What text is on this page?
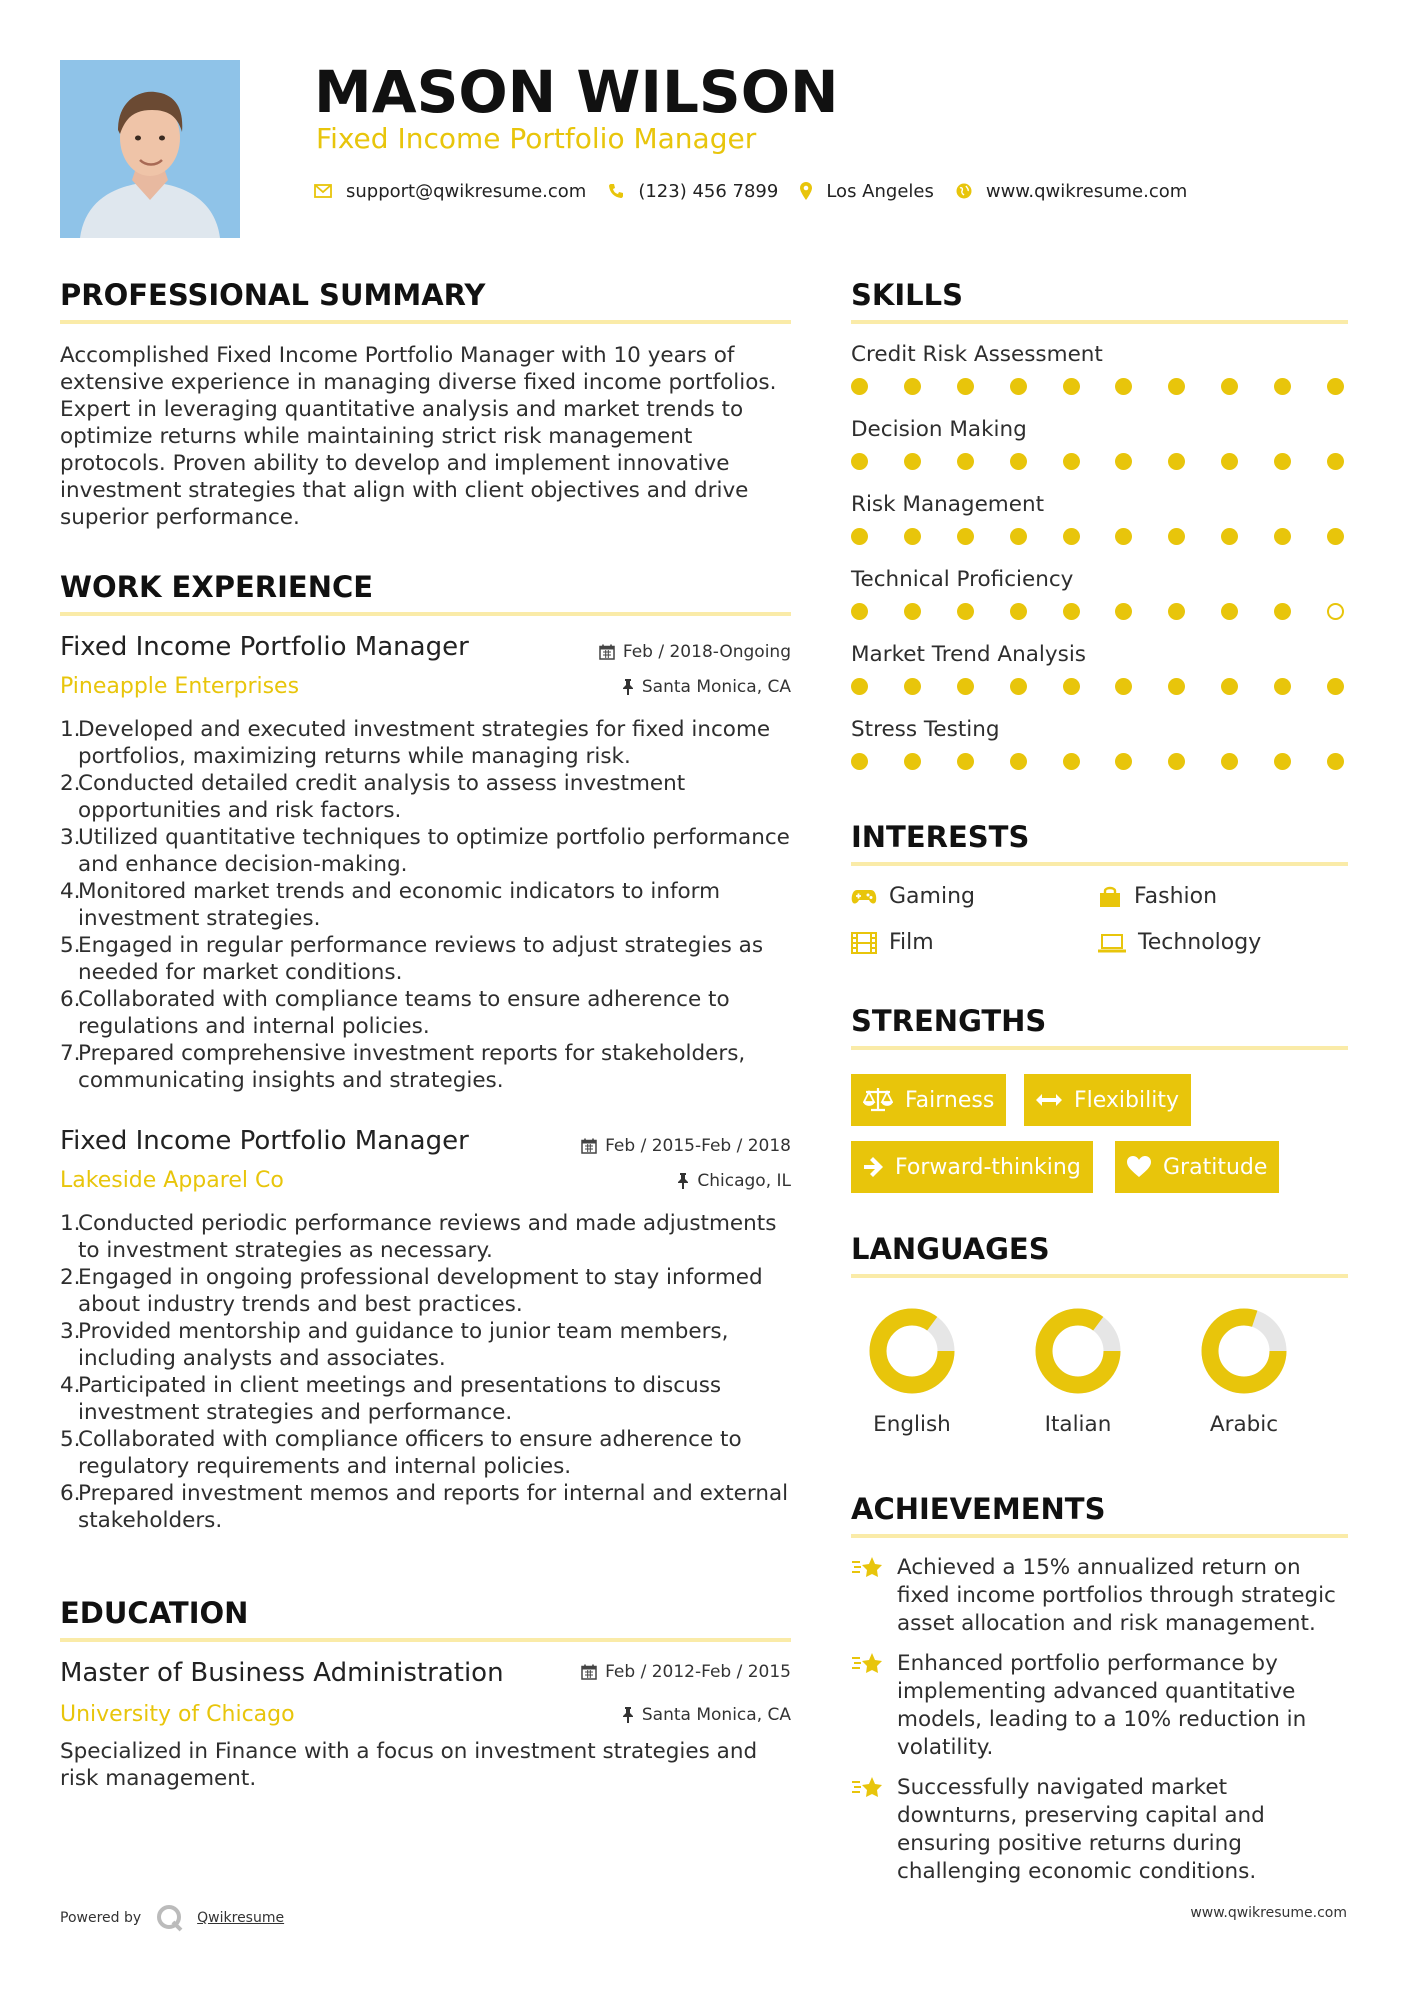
MASON WILSON
Fixed Income Portfolio Manager
support@qwikresume.com	(123) 456 7899	Los Angeles	www.qwikresume.com
PROFESSIONAL SUMMARY
Accomplished Fixed Income Portfolio Manager with 10 years of extensive experience in managing diverse fixed income portfolios. Expert in leveraging quantitative analysis and market trends to optimize returns while maintaining strict risk management protocols. Proven ability to develop and implement innovative investment strategies that align with client objectives and drive superior performance.
WORK EXPERIENCE
Fixed Income Portfolio Manager	Feb / 2018-Ongoing
Pineapple Enterprises	Santa Monica, CA
1.
Developed and executed investment strategies for fixed income portfolios, maximizing returns while managing risk.
2.
Conducted detailed credit analysis to assess investment opportunities and risk factors.
3.
Utilized quantitative techniques to optimize portfolio performance and enhance decision-making.
4.
Monitored market trends and economic indicators to inform investment strategies.
5.
Engaged in regular performance reviews to adjust strategies as needed for market conditions.
6.
Collaborated with compliance teams to ensure adherence to regulations and internal policies.
7.
Prepared comprehensive investment reports for stakeholders, communicating insights and strategies.
Fixed Income Portfolio Manager	Feb / 2015-Feb / 2018
Lakeside Apparel Co	Chicago, IL
1.
Conducted periodic performance reviews and made adjustments to investment strategies as necessary.
2.
Engaged in ongoing professional development to stay informed about industry trends and best practices.
3.
Provided mentorship and guidance to junior team members, including analysts and associates.
4.
Participated in client meetings and presentations to discuss investment strategies and performance.
5.
Collaborated with compliance officers to ensure adherence to regulatory requirements and internal policies.
6.
Prepared investment memos and reports for internal and external stakeholders.
EDUCATION
Master of Business Administration	Feb / 2012-Feb / 2015
University of Chicago	Santa Monica, CA
Specialized in Finance with a focus on investment strategies and risk management.
SKILLS
Credit Risk Assessment
Decision Making
Risk Management
Technical Proficiency
Market Trend Analysis
Stress Testing
INTERESTS
Gaming	Fashion
Film	Technology
STRENGTHS
Fairness	Flexibility
Forward-thinking	Gratitude
LANGUAGES
English	Italian	Arabic
ACHIEVEMENTS
Achieved a 15% annualized return on fixed income portfolios through strategic asset allocation and risk management.
Enhanced portfolio performance by implementing advanced quantitative models, leading to a 10% reduction in volatility.
Successfully navigated market downturns, preserving capital and ensuring positive returns during challenging economic conditions.
Powered by	Qwikresume	www.qwikresume.com
